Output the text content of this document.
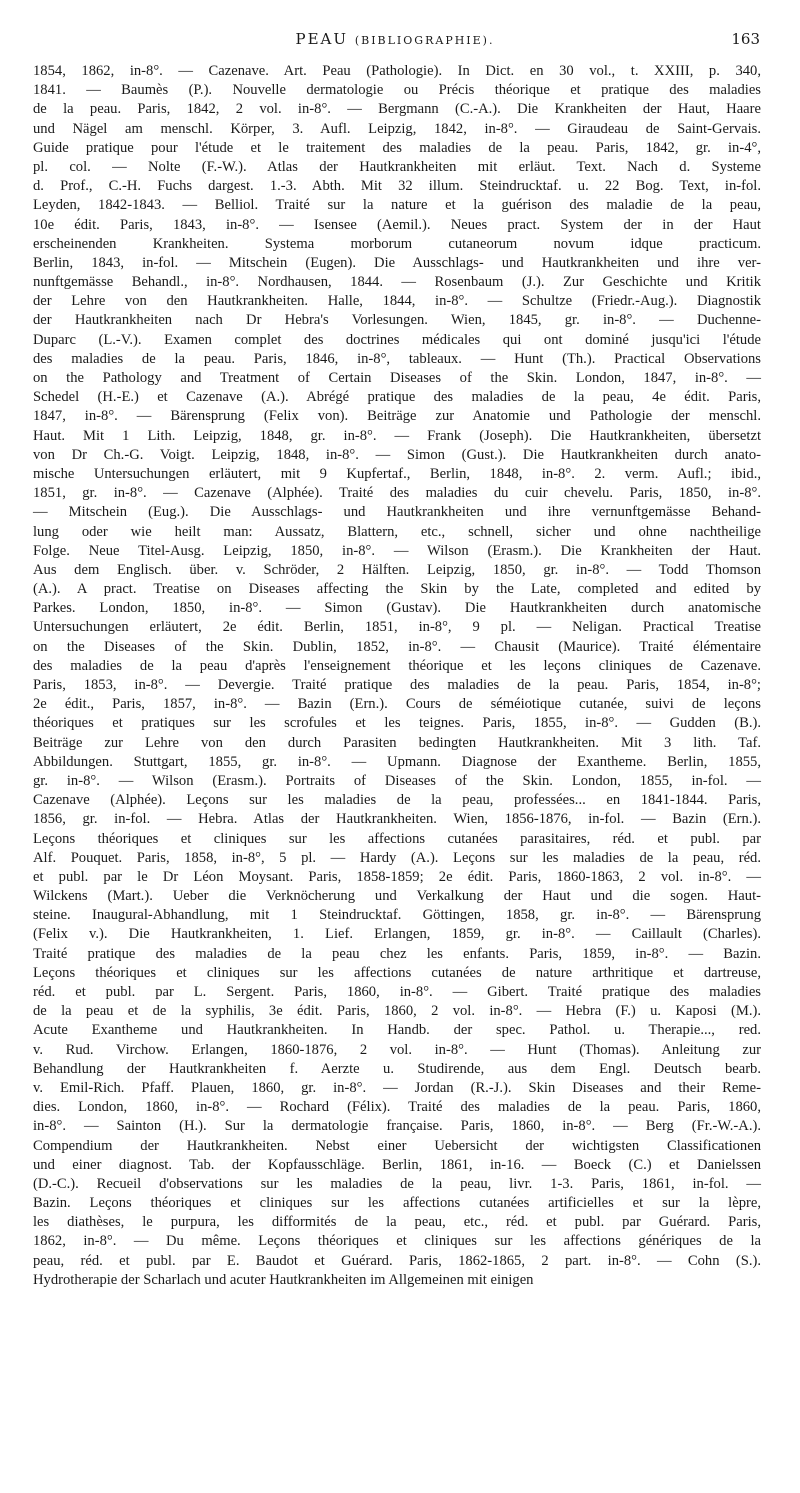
PEAU (BIBLIOGRAPHIE).	163
1854, 1862, in-8°. — Cazenave. Art. Peau (Pathologie). In Dict. en 30 vol., t. XXIII, p. 340,
1841. — Baumès (P.). Nouvelle dermatologie ou Précis théorique et pratique des maladies
de la peau. Paris, 1842, 2 vol. in-8°. — Bergmann (C.-A.). Die Krankheiten der Haut, Haare
und Nägel am menschl. Körper, 3. Aufl. Leipzig, 1842, in-8°. — Giraudeau de Saint-Gervais.
Guide pratique pour l'étude et le traitement des maladies de la peau. Paris, 1842, gr. in-4°,
pl. col. — Nolte (F.-W.). Atlas der Hautkrankheiten mit erläut. Text. Nach d. Systeme
d. Prof., C.-H. Fuchs dargest. 1.-3. Abth. Mit 32 illum. Steindrucktaf. u. 22 Bog. Text, in-fol.
Leyden, 1842-1843. — Belliol. Traité sur la nature et la guérison des maladie de la peau,
10e édit. Paris, 1843, in-8°. — Isensee (Aemil.). Neues pract. System der in der Haut
erscheinenden Krankheiten. Systema morborum cutaneorum novum idque practicum.
Berlin, 1843, in-fol. — Mitschein (Eugen). Die Ausschlags- und Hautkrankheiten und ihre ver-
nunftgemässe Behandl., in-8°. Nordhausen, 1844. — Rosenbaum (J.). Zur Geschichte und Kritik
der Lehre von den Hautkrankheiten. Halle, 1844, in-8°. — Schultze (Friedr.-Aug.). Diagnostik
der Hautkrankheiten nach Dr Hebra's Vorlesungen. Wien, 1845, gr. in-8°. — Duchenne-
Duparc (L.-V.). Examen complet des doctrines médicales qui ont dominé jusqu'ici l'étude
des maladies de la peau. Paris, 1846, in-8°, tableaux. — Hunt (Th.). Practical Observations
on the Pathology and Treatment of Certain Diseases of the Skin. London, 1847, in-8°. —
Schedel (H.-E.) et Cazenave (A.). Abrégé pratique des maladies de la peau, 4e édit. Paris,
1847, in-8°. — Bärensprung (Felix von). Beiträge zur Anatomie und Pathologie der menschl.
Haut. Mit 1 Lith. Leipzig, 1848, gr. in-8°. — Frank (Joseph). Die Hautkrankheiten, übersetzt
von Dr Ch.-G. Voigt. Leipzig, 1848, in-8°. — Simon (Gust.). Die Hautkrankheiten durch anato-
mische Untersuchungen erläutert, mit 9 Kupfertaf., Berlin, 1848, in-8°. 2. verm. Aufl.; ibid.,
1851, gr. in-8°. — Cazenave (Alphée). Traité des maladies du cuir chevelu. Paris, 1850, in-8°.
— Mitschein (Eug.). Die Ausschlags- und Hautkrankheiten und ihre vernunftgemässe Behand-
lung oder wie heilt man: Aussatz, Blattern, etc., schnell, sicher und ohne nachtheilige
Folge. Neue Titel-Ausg. Leipzig, 1850, in-8°. — Wilson (Erasm.). Die Krankheiten der Haut.
Aus dem Englisch. über. v. Schröder, 2 Hälften. Leipzig, 1850, gr. in-8°. — Todd Thomson
(A.). A pract. Treatise on Diseases affecting the Skin by the Late, completed and edited by
Parkes. London, 1850, in-8°. — Simon (Gustav). Die Hautkrankheiten durch anatomische
Untersuchungen erläutert, 2e édit. Berlin, 1851, in-8°, 9 pl. — Neligan. Practical Treatise
on the Diseases of the Skin. Dublin, 1852, in-8°. — Chausit (Maurice). Traité élémentaire
des maladies de la peau d'après l'enseignement théorique et les leçons cliniques de Cazenave.
Paris, 1853, in-8°. — Devergie. Traité pratique des maladies de la peau. Paris, 1854, in-8°;
2e édit., Paris, 1857, in-8°. — Bazin (Ern.). Cours de séméiotique cutanée, suivi de leçons
théoriques et pratiques sur les scrofules et les teignes. Paris, 1855, in-8°. — Gudden (B.).
Beiträge zur Lehre von den durch Parasiten bedingten Hautkrankheiten. Mit 3 lith. Taf.
Abbildungen. Stuttgart, 1855, gr. in-8°. — Upmann. Diagnose der Exantheme. Berlin, 1855,
gr. in-8°. — Wilson (Erasm.). Portraits of Diseases of the Skin. London, 1855, in-fol. —
Cazenave (Alphée). Leçons sur les maladies de la peau, professées... en 1841-1844. Paris,
1856, gr. in-fol. — Hebra. Atlas der Hautkrankheiten. Wien, 1856-1876, in-fol. — Bazin (Ern.).
Leçons théoriques et cliniques sur les affections cutanées parasitaires, réd. et publ. par
Alf. Pouquet. Paris, 1858, in-8°, 5 pl. — Hardy (A.). Leçons sur les maladies de la peau, réd.
et publ. par le Dr Léon Moysant. Paris, 1858-1859; 2e édit. Paris, 1860-1863, 2 vol. in-8°. —
Wilckens (Mart.). Ueber die Verknöcherung und Verkalkung der Haut und die sogen. Haut-
steine. Inaugural-Abhandlung, mit 1 Steindrucktaf. Göttingen, 1858, gr. in-8°. — Bärensprung
(Felix v.). Die Hautkrankheiten, 1. Lief. Erlangen, 1859, gr. in-8°. — Caillault (Charles).
Traité pratique des maladies de la peau chez les enfants. Paris, 1859, in-8°. — Bazin.
Leçons théoriques et cliniques sur les affections cutanées de nature arthritique et dartreuse,
réd. et publ. par L. Sergent. Paris, 1860, in-8°. — Gibert. Traité pratique des maladies
de la peau et de la syphilis, 3e édit. Paris, 1860, 2 vol. in-8°. — Hebra (F.) u. Kaposi (M.).
Acute Exantheme und Hautkrankheiten. In Handb. der spec. Pathol. u. Therapie..., red.
v. Rud. Virchow. Erlangen, 1860-1876, 2 vol. in-8°. — Hunt (Thomas). Anleitung zur
Behandlung der Hautkrankheiten f. Aerzte u. Studirende, aus dem Engl. Deutsch bearb.
v. Emil-Rich. Pfaff. Plauen, 1860, gr. in-8°. — Jordan (R.-J.). Skin Diseases and their Reme-
dies. London, 1860, in-8°. — Rochard (Félix). Traité des maladies de la peau. Paris, 1860,
in-8°. — Sainton (H.). Sur la dermatologie française. Paris, 1860, in-8°. — Berg (Fr.-W.-A.).
Compendium der Hautkrankheiten. Nebst einer Uebersicht der wichtigsten Classificationen
und einer diagnost. Tab. der Kopfausschläge. Berlin, 1861, in-16. — Boeck (C.) et Danielssen
(D.-C.). Recueil d'observations sur les maladies de la peau, livr. 1-3. Paris, 1861, in-fol. —
Bazin. Leçons théoriques et cliniques sur les affections cutanées artificielles et sur la lèpre,
les diathèses, le purpura, les difformités de la peau, etc., réd. et publ. par Guérard. Paris,
1862, in-8°. — Du même. Leçons théoriques et cliniques sur les affections génériques de la
peau, réd. et publ. par E. Baudot et Guérard. Paris, 1862-1865, 2 part. in-8°. — Cohn (S.).
Hydrotherapie der Scharlach und acuter Hautkrankheiten im Allgemeinen mit einigen
